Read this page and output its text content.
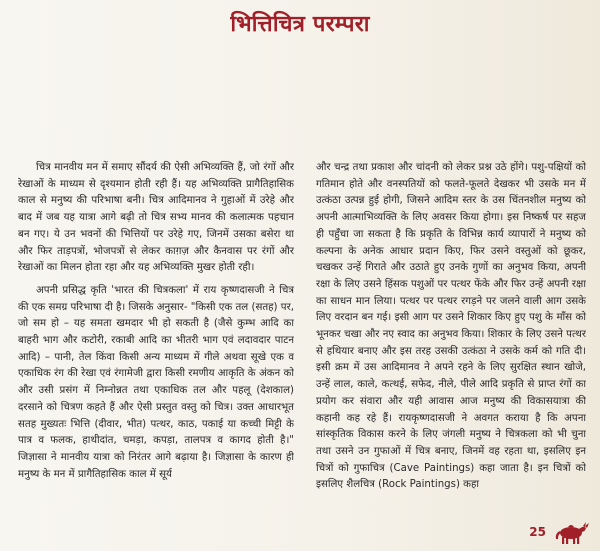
भित्तिचित्र परम्परा

चित्र मानवीय मन में समाए सौंदर्य की ऐसी अभिव्यक्ति हैं, जो रंगों और रेखाओं के माध्यम से दृश्यमान होती रही हैं। यह अभिव्यक्ति प्रागैतिहासिक काल से मनुष्य की परिभाषा बनी। चित्र आदिमानव ने गुहाओं में उरेहे और बाद में जब यह यात्रा आगे बढ़ी तो चित्र सभ्य मानव की कलात्मक पहचान बन गए। ये उन भवनों की भित्तियों पर उरेहे गए, जिनमें उसका बसेरा था और फिर ताड़पत्रों, भोजपत्रों से लेकर काग़ज़ और कैनवास पर रंगों और रेखाओं का मिलन होता रहा और यह अभिव्यक्ति मुखर होती रही।

अपनी प्रसिद्ध कृति 'भारत की चित्रकला' में राय कृष्णदासजी ने चित्र की एक समग्र परिभाषा दी है। जिसके अनुसार- "किसी एक तल (सतह) पर, जो सम हो – यह समता खमदार भी हो सकती है (जैसे कुम्भ आदि का बाहरी भाग और कटोरी, रकाबी आदि का भीतरी भाग एवं लदावदार पाटन आदि) – पानी, तेल किंवा किसी अन्य माध्यम में गीले अथवा सूखे एक व एकाधिक रंग की रेखा एवं रंगामेजी द्वारा किसी रमणीय आकृति के अंकन को और उसी प्रसंग में निम्नोन्नत तथा एकाधिक तल और पहलू (देशकाल) दरसाने को चित्रण कहते हैं और ऐसी प्रस्तुत वस्तु को चित्र। उक्त आधारभूत सतह मुख्यतः भित्ति (दीवार, भीत) पत्थर, काठ, पकाई या कच्ची मिट्टी के पात्र व फलक, हाथीदांत, चमड़ा, कपड़ा, तालपत्र व कागद होती है।" जिज्ञासा ने मानवीय यात्रा को निरंतर आगे बढ़ाया है। जिज्ञासा के कारण ही मनुष्य के मन में प्रागैतिहासिक काल में सूर्य

और चन्द्र तथा प्रकाश और चांदनी को लेकर प्रश्न उठे होंगे। पशु-पक्षियों को गतिमान होते और वनस्पतियों को फलते-फूलते देखकर भी उसके मन में उत्कंठा उत्पन्न हुई होगी, जिसने आदिम स्तर के उस चिंतनशील मनुष्य को अपनी आत्माभिव्यक्ति के लिए अवसर किया होगा। इस निष्कर्ष पर सहज ही पहुँचा जा सकता है कि प्रकृति के विभिन्न कार्य व्यापारों ने मनुष्य को कल्पना के अनेक आधार प्रदान किए, फिर उसने वस्तुओं को छूकर, चखकर उन्हें गिराते और उठाते हुए उनके गुणों का अनुभव किया, अपनी रक्षा के लिए उसने हिंसक पशुओं पर पत्थर फेंके और फिर उन्हें अपनी रक्षा का साधन मान लिया। पत्थर पर पत्थर रगड़ने पर जलने वाली आग उसके लिए वरदान बन गई। इसी आग पर उसने शिकार किए हुए पशु के माँस को भूनकर चखा और नए स्वाद का अनुभव किया। शिकार के लिए उसने पत्थर से हथियार बनाए और इस तरह उसकी उत्कंठा ने उसके कर्म को गति दी। इसी क्रम में उस आदिमानव ने अपने रहने के लिए सुरक्षित स्थान खोजे, उन्हें लाल, काले, कत्थई, सफेद, नीले, पीले आदि प्रकृति से प्राप्त रंगों का प्रयोग कर संवारा और यही आवास आज मनुष्य की विकासयात्रा की कहानी कह रहे हैं। रायकृष्णदासजी ने अवगत कराया है कि अपना सांस्कृतिक विकास करने के लिए जंगली मनुष्य ने चित्रकला को भी चुना तथा उसने उन गुफाओं में चित्र बनाए, जिनमें वह रहता था, इसलिए इन चित्रों को गुफाचित्र (Cave Paintings) कहा जाता है। इन चित्रों को इसलिए शैलचित्र (Rock Paintings) कहा

25
